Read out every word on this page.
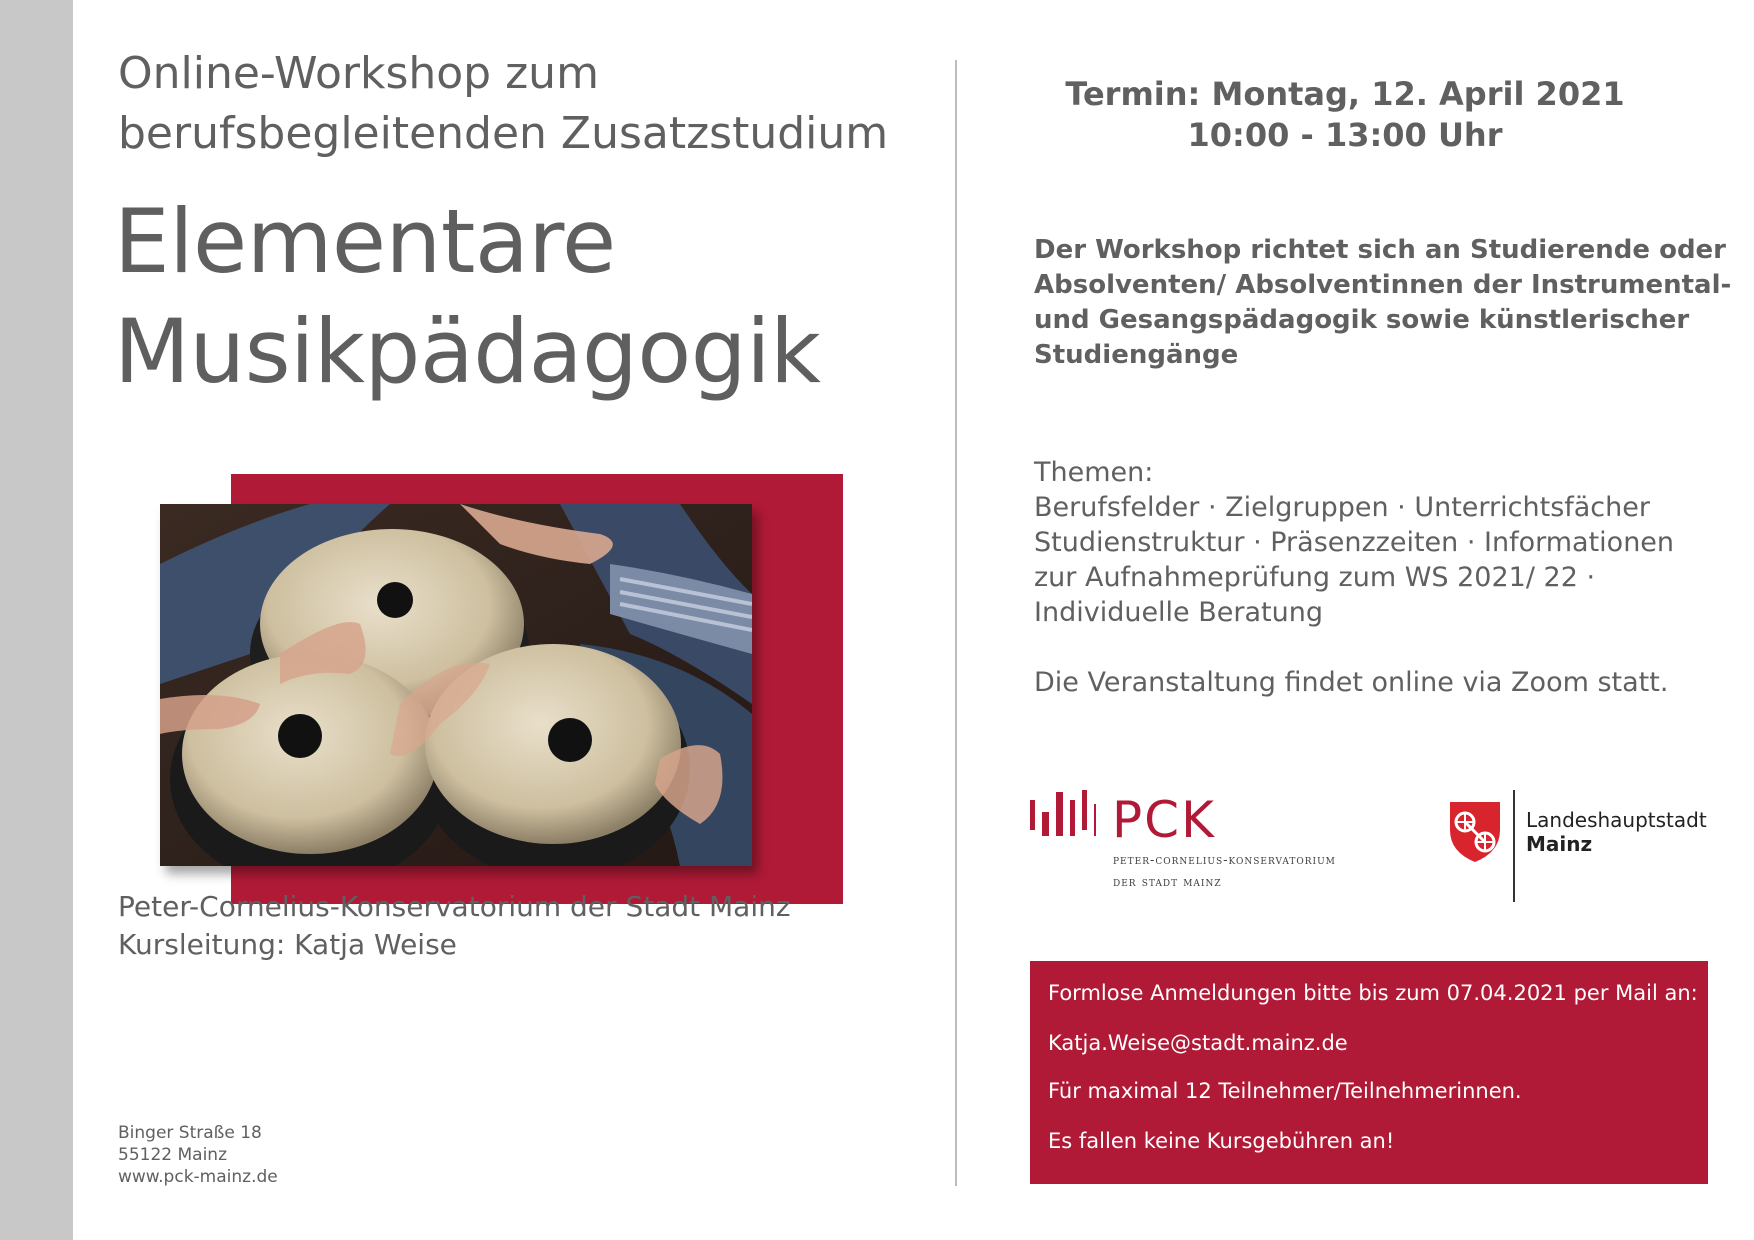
Online-Workshop zum
berufsbegleitenden Zusatzstudium
Elementare
Musikpädagogik
Peter-Cornelius-Konservatorium der Stadt Mainz
Kursleitung: Katja Weise
Binger Straße 18
55122 Mainz
www.pck-mainz.de
Termin: Montag, 12. April 2021
10:00 - 13:00 Uhr
Der Workshop richtet sich an Studierende oder
Absolventen/ Absolventinnen der Instrumental-
und Gesangspädagogik sowie künstlerischer
Studiengänge
Themen:
Berufsfelder · Zielgruppen · Unterrichtsfächer
Studienstruktur · Präsenzzeiten · Informationen
zur Aufnahmeprüfung zum WS 2021/ 22 ·
Individuelle Beratung
Die Veranstaltung findet online via Zoom statt.
PCK
peter-cornelius-konservatorium
der stadt mainz
Landeshauptstadt
Mainz
Formlose Anmeldungen bitte bis zum 07.04.2021 per Mail an:
Katja.Weise@stadt.mainz.de
Für maximal 12 Teilnehmer/Teilnehmerinnen.
Es fallen keine Kursgebühren an!
